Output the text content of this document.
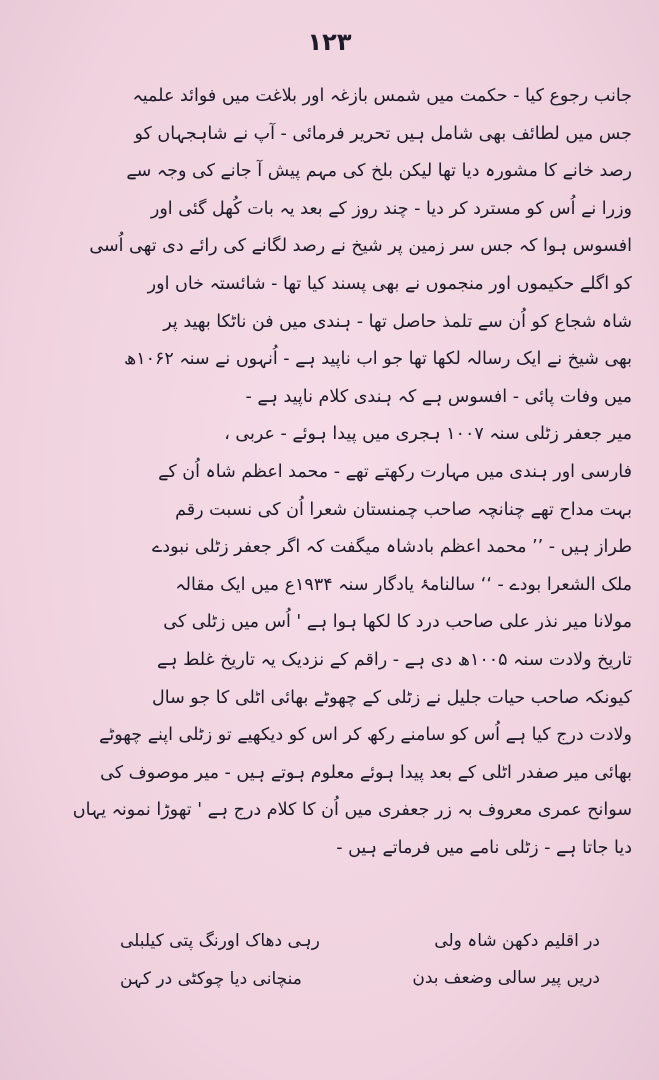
۱۲۳
جانب رجوع کیا - حکمت میں شمس بازغہ اور بلاغت میں فوائد علمیہ
جس میں لطائف بھی شامل ہیں تحریر فرمائی - آپ نے شاہجہاں کو
رصد خانے کا مشورہ دیا تھا لیکن بلخ کی مہم پیش آ جانے کی وجہ سے
وزرا نے اُس کو مسترد کر دیا - چند روز کے بعد یہ بات کُھل گئی اور
افسوس ہوا کہ جس سر زمین پر شیخ نے رصد لگانے کی رائے دی تھی اُسی
کو اگلے حکیموں اور منجموں نے بھی پسند کیا تھا - شائستہ خاں اور
شاہ شجاع کو اُن سے تلمذ حاصل تھا - ہندی میں فن ناٹکا بھید پر
بھی شیخ نے ایک رسالہ لکھا تھا جو اب ناپید ہے - اُنہوں نے سنہ ۱۰۶۲ھ
میں وفات پائی - افسوس ہے کہ ہندی کلام ناپید ہے -
میر جعفر زٹلی سنہ ۱۰۰۷ ہجری میں پیدا ہوئے - عربی ،
فارسی اور ہندی میں مہارت رکھتے تھے - محمد اعظم شاہ اُن کے
بہت مداح تھے چنانچہ صاحب چمنستان شعرا اُن کی نسبت رقم
طراز ہیں - ’’ محمد اعظم بادشاہ میگفت کہ اگر جعفر زٹلی نبودے
ملک الشعرا بودے - ‘‘ سالنامۂ یادگار سنہ ۱۹۳۴ع میں ایک مقالہ
مولانا میر نذر علی صاحب درد کا لکھا ہوا ہے ' اُس میں زٹلی کی
تاریخ ولادت سنہ ۱۰۰۵ھ دی ہے - راقم کے نزدیک یہ تاریخ غلط ہے
کیونکہ صاحب حیات جلیل نے زٹلی کے چھوٹے بھائی اٹلی کا جو سال
ولادت درج کیا ہے اُس کو سامنے رکھ کر اس کو دیکھیے تو زٹلی اپنے چھوٹے
بھائی میر صفدر اٹلی کے بعد پیدا ہوئے معلوم ہوتے ہیں - میر موصوف کی
سوانح عمری معروف بہ زر جعفری میں اُن کا کلام درج ہے ' تھوڑا نمونہ یہاں
دیا جاتا ہے - زٹلی نامے میں فرماتے ہیں -
در اقلیم دکھن شاہ ولی
رہی دھاک اورنگ پتی کیلبلی
دریں پیر سالی وضعف بدن
منچانی دیا چوکٹی در کہن
